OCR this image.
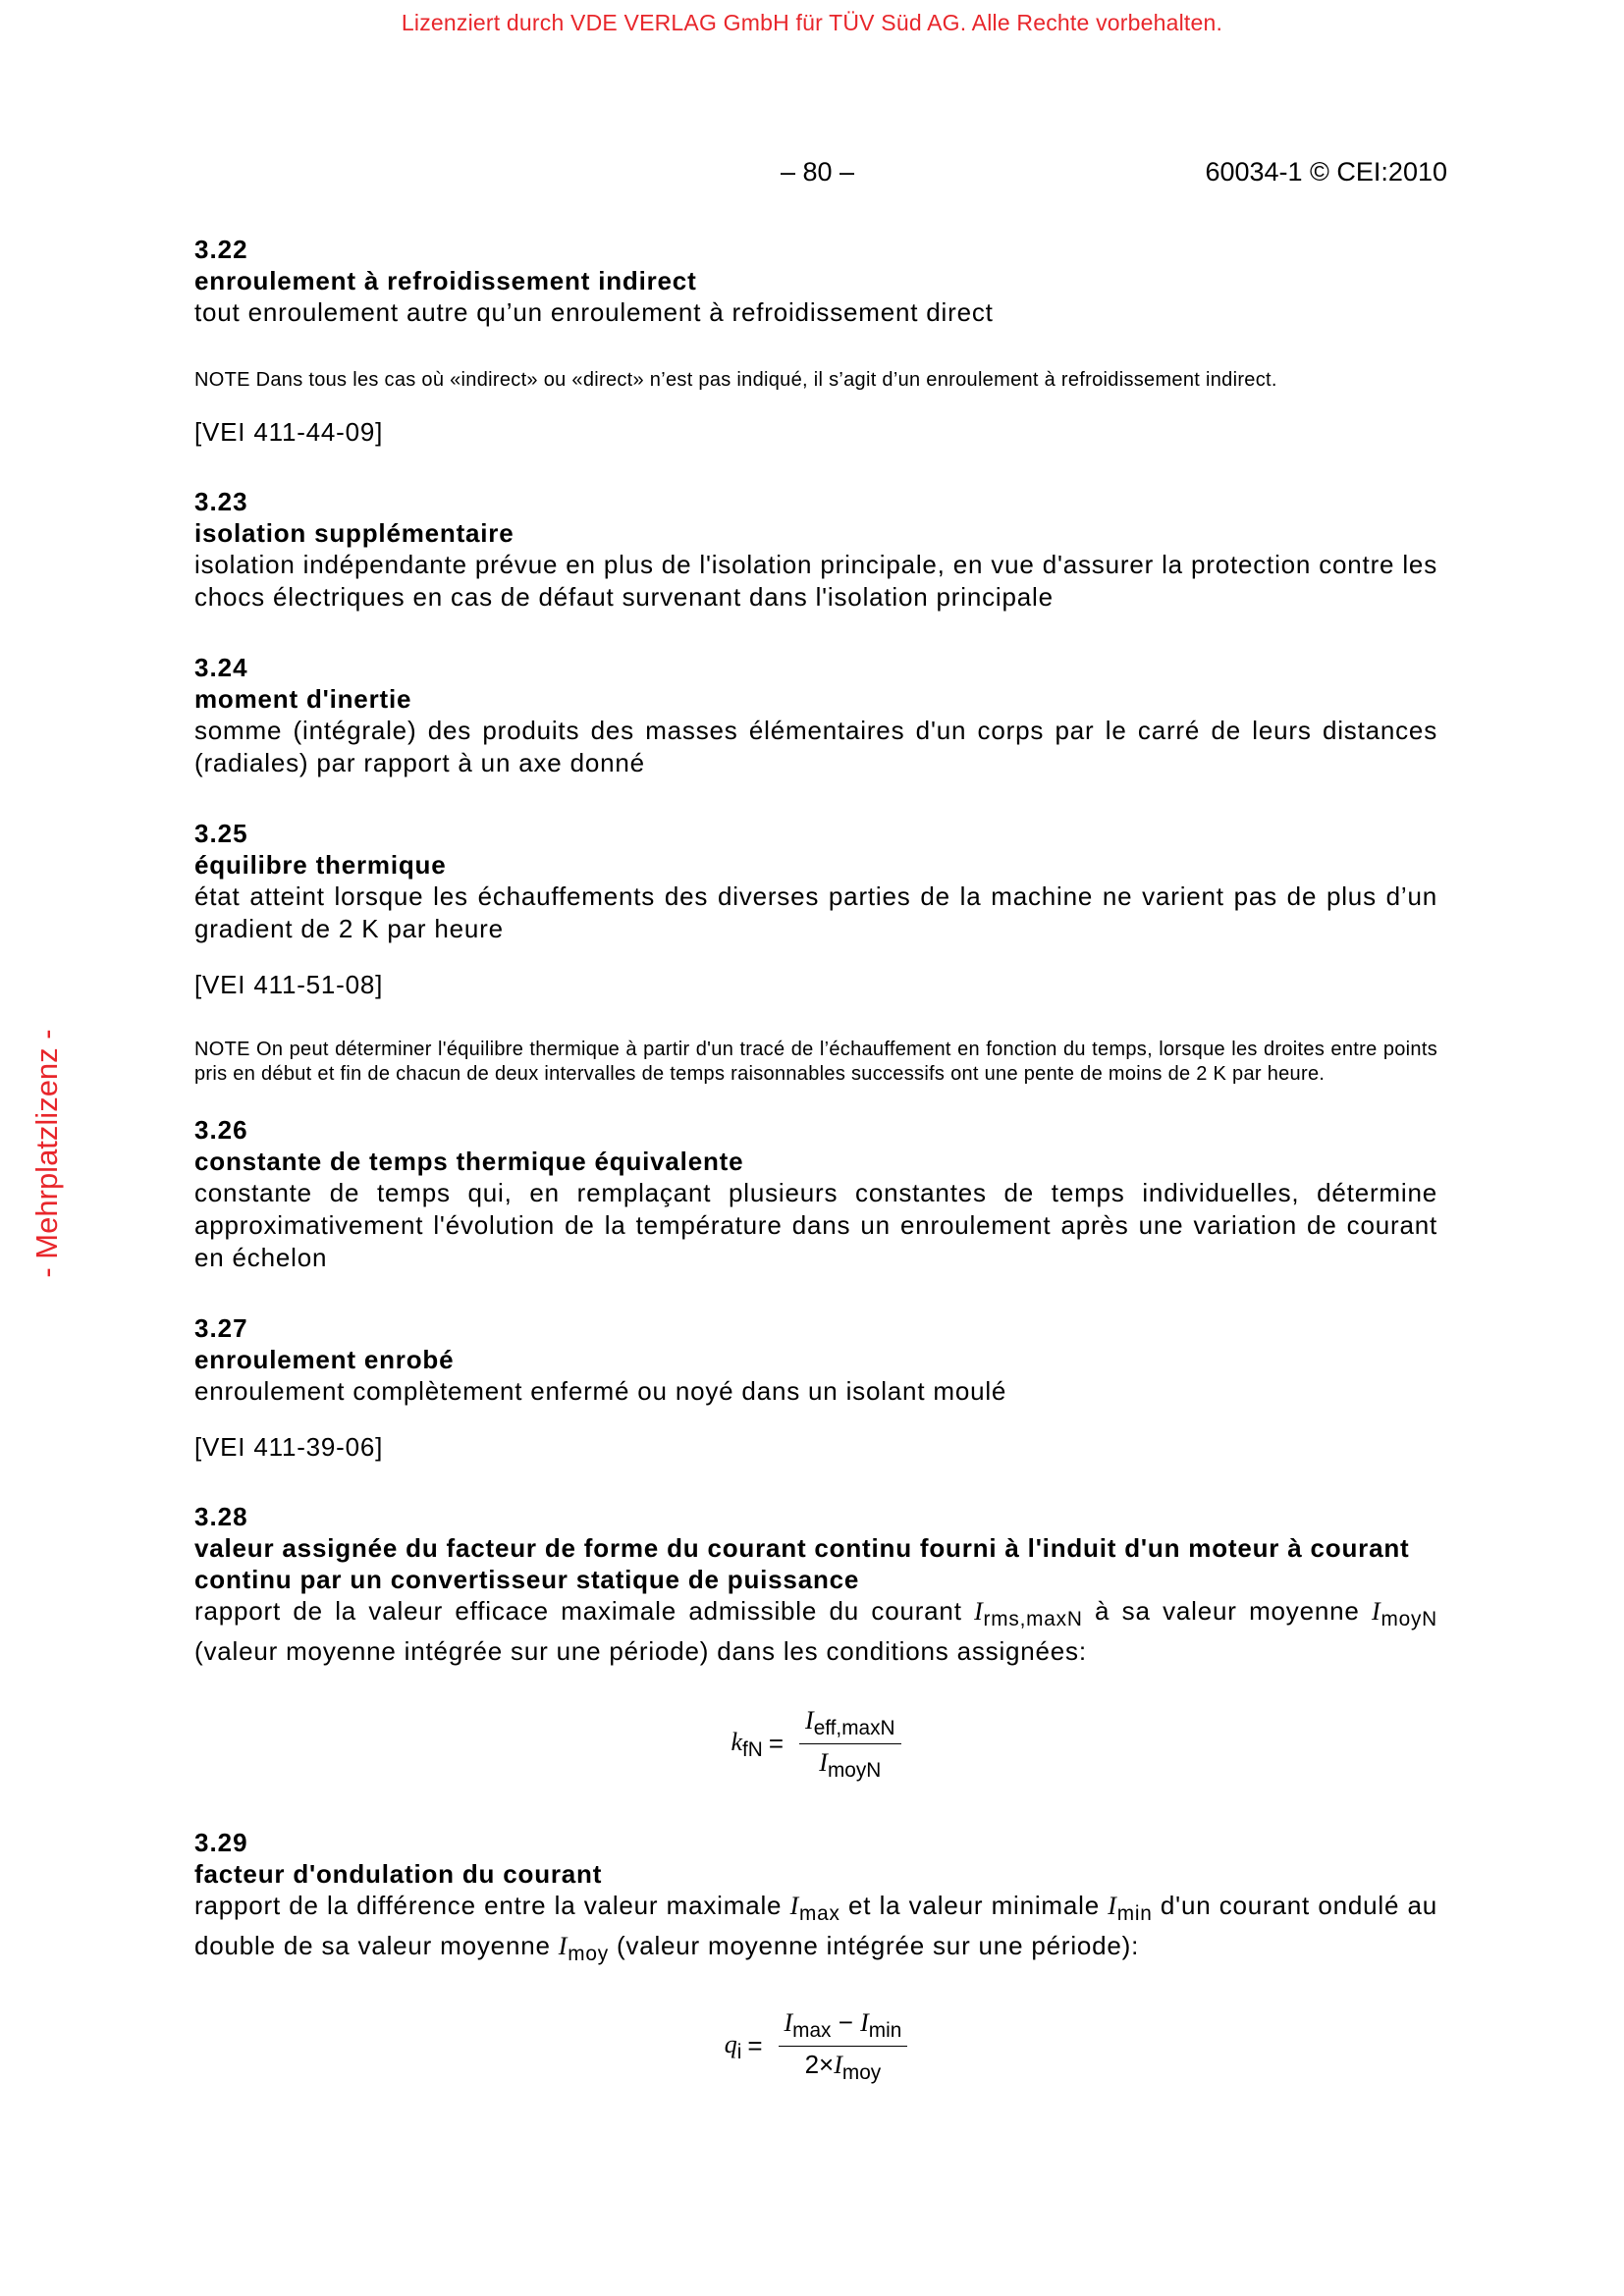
Lizenziert durch VDE VERLAG GmbH für TÜV Süd AG. Alle Rechte vorbehalten.
- Mehrplatzlizenz -
– 80 –	60034-1 © CEI:2010

3.22

enroulement à refroidissement indirect

tout enroulement autre qu’un enroulement à refroidissement direct

NOTE Dans tous les cas où «indirect» ou «direct» n’est pas indiqué, il s’agit d’un enroulement à refroidissement indirect.

[VEI 411-44-09]

3.23

isolation supplémentaire

isolation indépendante prévue en plus de l'isolation principale, en vue d'assurer la protection contre les chocs électriques en cas de défaut survenant dans l'isolation principale

3.24

moment d'inertie

somme (intégrale) des produits des masses élémentaires d'un corps par le carré de leurs distances (radiales) par rapport à un axe donné

3.25

équilibre thermique

état atteint lorsque les échauffements des diverses parties de la machine ne varient pas de plus d’un gradient de 2 K par heure

[VEI 411-51-08]

NOTE On peut déterminer l'équilibre thermique à partir d'un tracé de l’échauffement en fonction du temps, lorsque les droites entre points pris en début et fin de chacun de deux intervalles de temps raisonnables successifs ont une pente de moins de 2 K par heure.

3.26

constante de temps thermique équivalente

constante de temps qui, en remplaçant plusieurs constantes de temps individuelles, détermine approximativement l'évolution de la température dans un enroulement après une variation de courant en échelon

3.27

enroulement enrobé

enroulement complètement enfermé ou noyé dans un isolant moulé

[VEI 411-39-06]

3.28

valeur assignée du facteur de forme du courant continu fourni à l'induit d'un moteur à courant continu par un convertisseur statique de puissance

rapport de la valeur efficace maximale admissible du courant $I_{rms,maxN}$ à sa valeur moyenne $I_{moyN}$ (valeur moyenne intégrée sur une période) dans les conditions assignées:

$k_{fN} = \frac{I_{eff,maxN}}{I_{moyN}}$

3.29

facteur d'ondulation du courant

rapport de la différence entre la valeur maximale $I_{max}$ et la valeur minimale $I_{min}$ d'un courant ondulé au double de sa valeur moyenne $I_{moy}$ (valeur moyenne intégrée sur une période):

$q_i = \frac{I_{max} - I_{min}}{2\times I_{moy}}$
